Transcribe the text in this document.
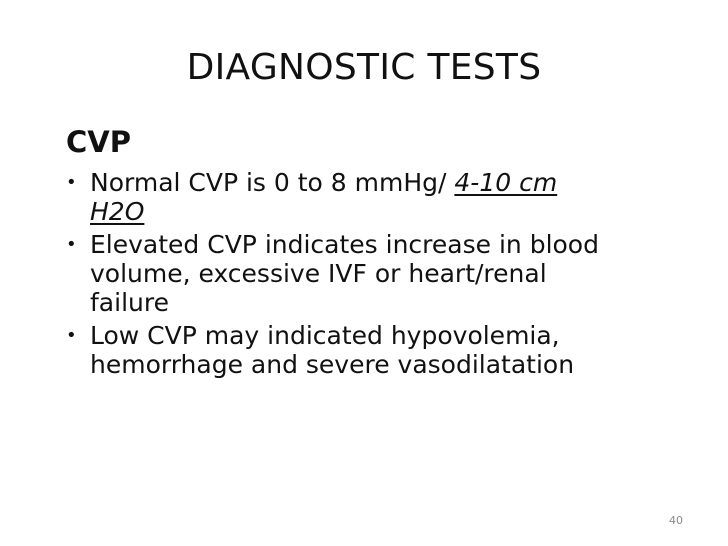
DIAGNOSTIC TESTS
CVP
• Normal CVP is 0 to 8 mmHg/ 4-10 cm
H2O
• Elevated CVP indicates increase in blood
volume, excessive IVF or heart/renal
failure
• Low CVP may indicated hypovolemia,
hemorrhage and severe vasodilatation
40
